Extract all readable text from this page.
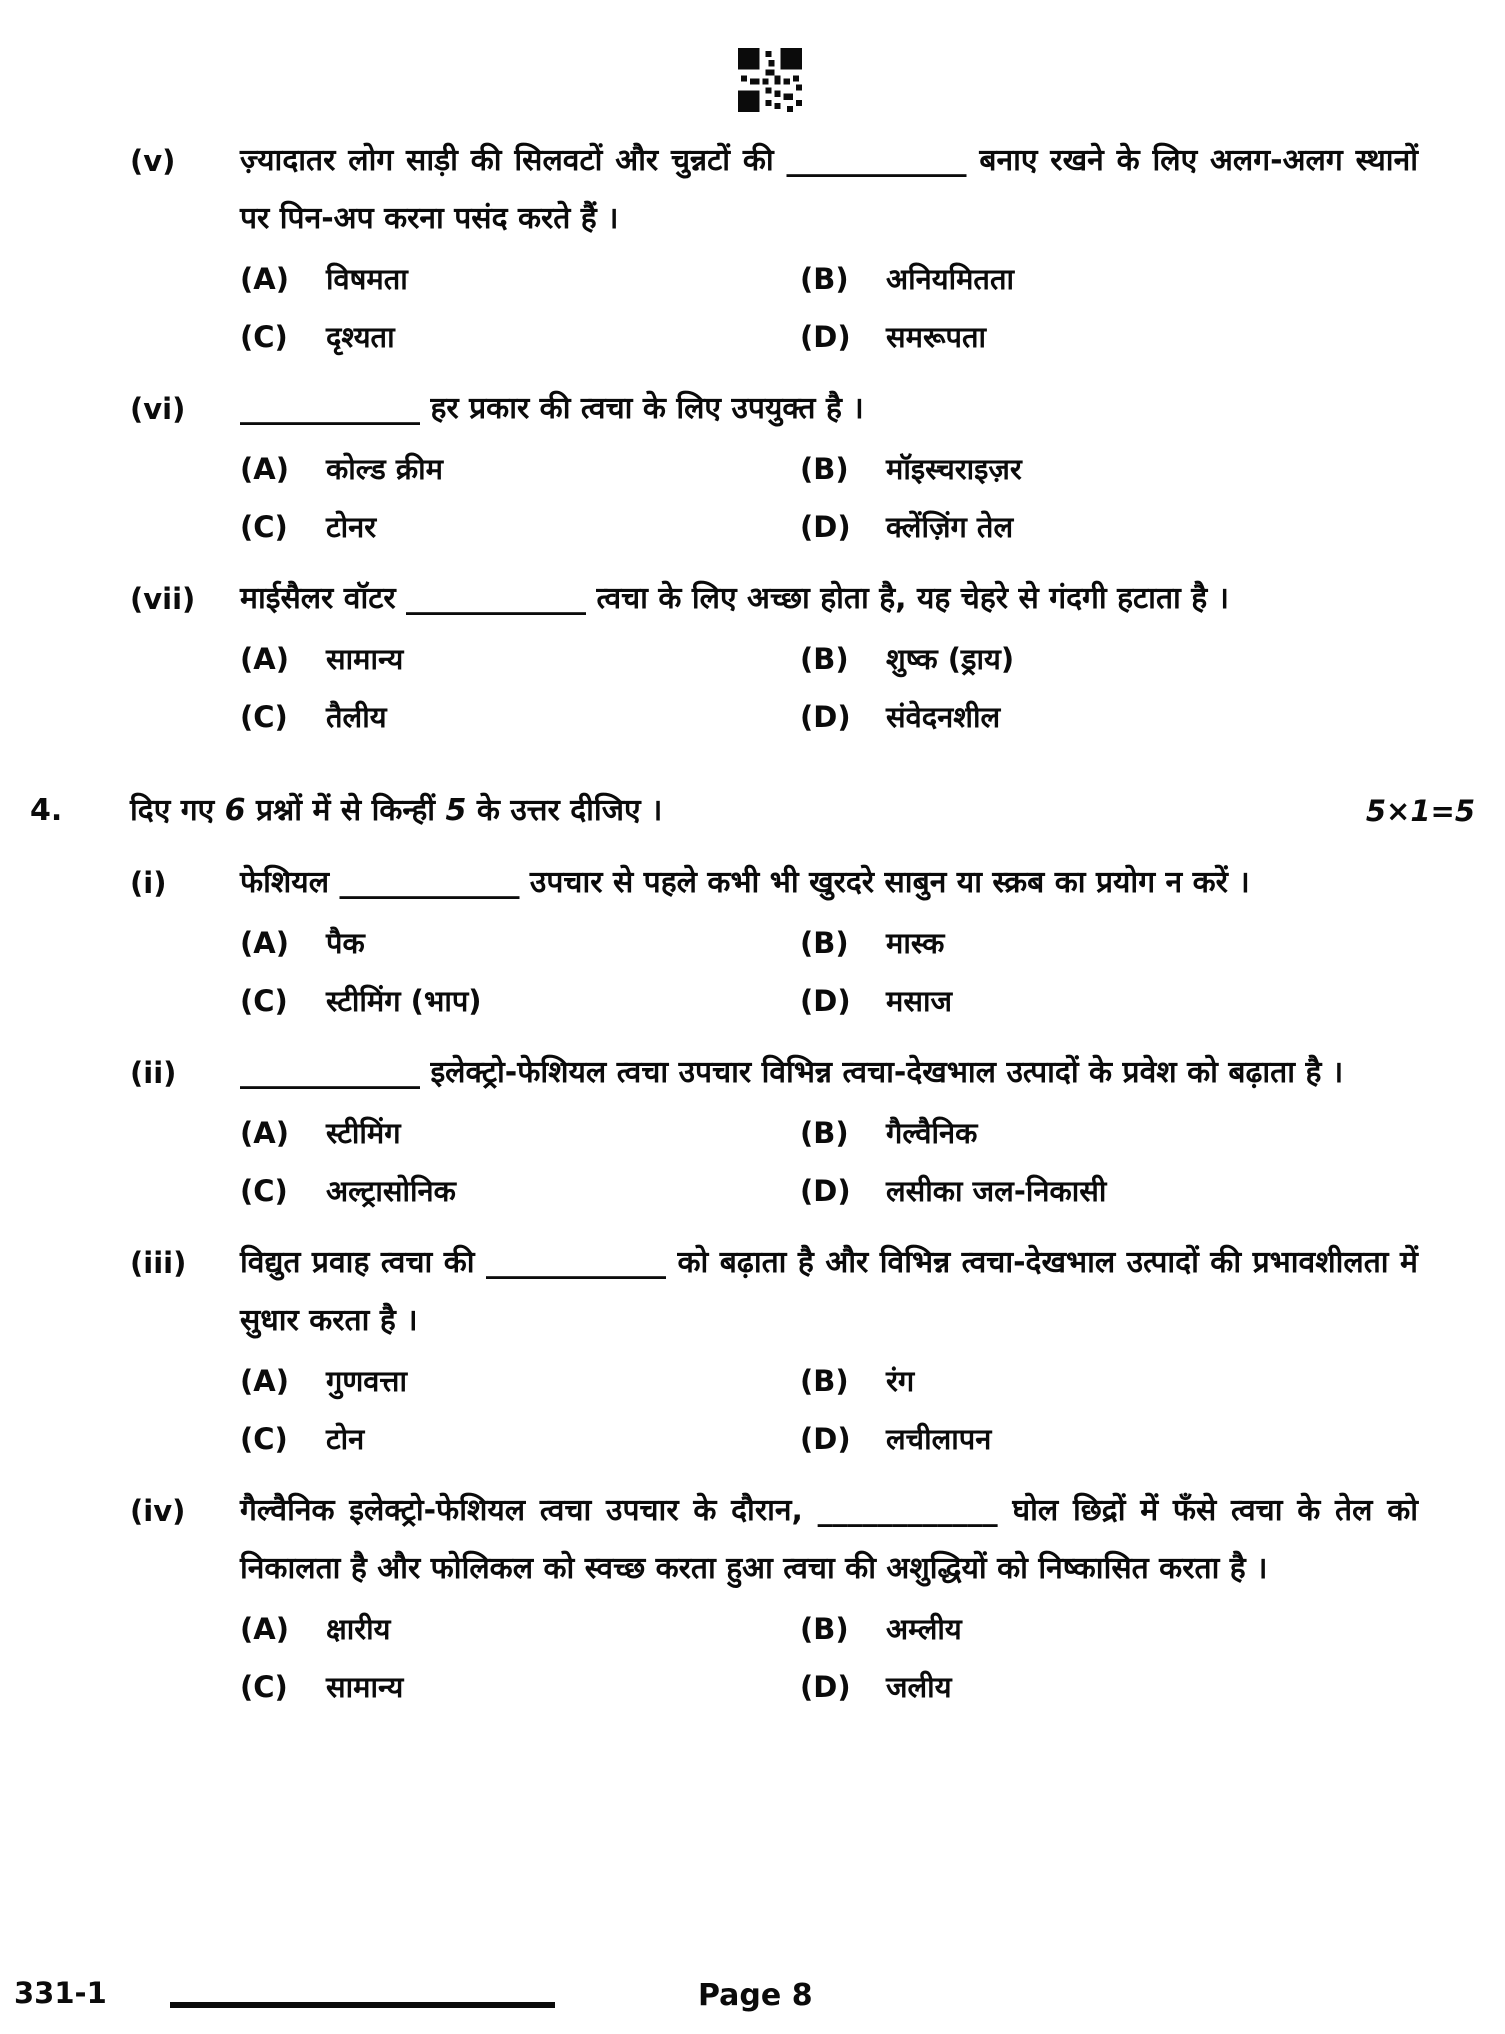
(v)	ज़्यादातर लोग साड़ी की सिलवटों और चुन्नटों की ____________ बनाए रखने के लिए अलग-अलग स्थानों पर पिन-अप करना पसंद करते हैं ।
(A)	विषमता	(B)	अनियमितता
(C)	दृश्यता	(D)	समरूपता
(vi)	____________ हर प्रकार की त्वचा के लिए उपयुक्त है ।
(A)	कोल्ड क्रीम	(B)	मॉइस्चराइज़र
(C)	टोनर	(D)	क्लेंज़िंग तेल
(vii)	माईसैलर वॉटर ____________ त्वचा के लिए अच्छा होता है, यह चेहरे से गंदगी हटाता है ।
(A)	सामान्य	(B)	शुष्क (ड्राय)
(C)	तैलीय	(D)	संवेदनशील
4.	दिए गए 6 प्रश्नों में से किन्हीं 5 के उत्तर दीजिए ।	5×1=5
(i)	फेशियल ____________ उपचार से पहले कभी भी खुरदरे साबुन या स्क्रब का प्रयोग न करें ।
(A)	पैक	(B)	मास्क
(C)	स्टीमिंग (भाप)	(D)	मसाज
(ii)	____________ इलेक्ट्रो-फेशियल त्वचा उपचार विभिन्न त्वचा-देखभाल उत्पादों के प्रवेश को बढ़ाता है ।
(A)	स्टीमिंग	(B)	गैल्वैनिक
(C)	अल्ट्रासोनिक	(D)	लसीका जल-निकासी
(iii)	विद्युत प्रवाह त्वचा की ____________ को बढ़ाता है और विभिन्न त्वचा-देखभाल उत्पादों की प्रभावशीलता में सुधार करता है ।
(A)	गुणवत्ता	(B)	रंग
(C)	टोन	(D)	लचीलापन
(iv)	गैल्वैनिक इलेक्ट्रो-फेशियल त्वचा उपचार के दौरान, ____________ घोल छिद्रों में फँसे त्वचा के तेल को निकालता है और फोलिकल को स्वच्छ करता हुआ त्वचा की अशुद्धियों को निष्कासित करता है ।
(A)	क्षारीय	(B)	अम्लीय
(C)	सामान्य	(D)	जलीय
331-1	Page 8
